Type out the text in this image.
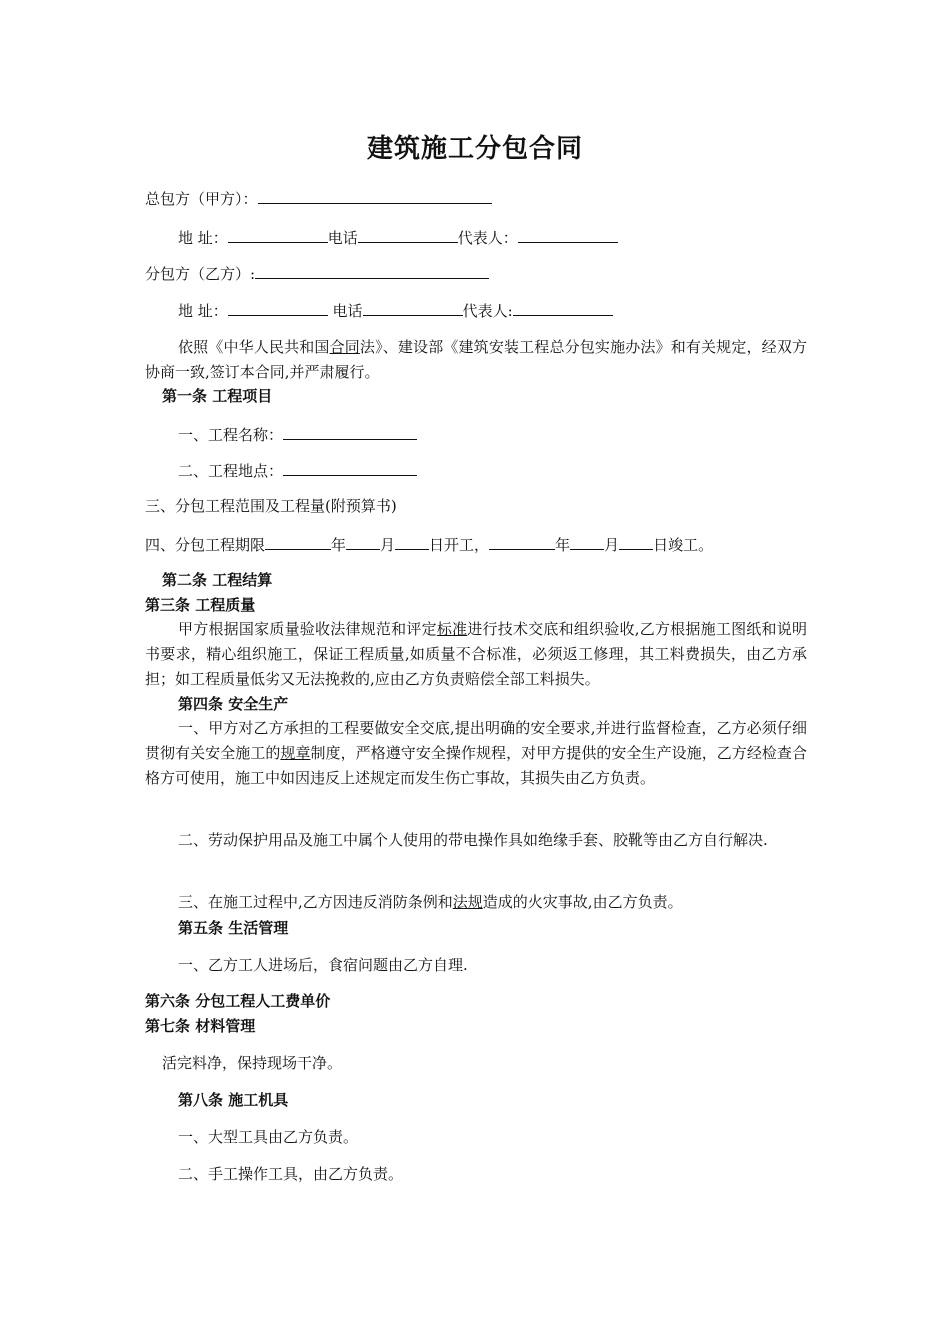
建筑施工分包合同

总包方（甲方）：

地 址：	电话	代表人：

分包方（乙方）:

地 址：	电话	代表人:

依照《中华人民共和国合同法》、建设部《建筑安装工程总分包实施办法》和有关规定，经双方协商一致,签订本合同,并严肃履行。

第一条 工程项目

一、工程名称：

二、工程地点：

三、分包工程范围及工程量(附预算书)

四、分包工程期限	年 月 日开工，	年 月 日竣工。

第二条 工程结算

第三条 工程质量

甲方根据国家质量验收法律规范和评定标准进行技术交底和组织验收,乙方根据施工图纸和说明书要求，精心组织施工，保证工程质量,如质量不合标准，必须返工修理，其工料费损失，由乙方承担；如工程质量低劣又无法挽救的,应由乙方负责赔偿全部工料损失。

第四条 安全生产

一、甲方对乙方承担的工程要做安全交底,提出明确的安全要求,并进行监督检查，乙方必须仔细贯彻有关安全施工的规章制度，严格遵守安全操作规程，对甲方提供的安全生产设施，乙方经检查合格方可使用，施工中如因违反上述规定而发生伤亡事故，其损失由乙方负责。

二、劳动保护用品及施工中属个人使用的带电操作具如绝缘手套、胶靴等由乙方自行解决.

三、在施工过程中,乙方因违反消防条例和法规造成的火灾事故,由乙方负责。

第五条 生活管理

一、乙方工人进场后，食宿问题由乙方自理.

第六条 分包工程人工费单价

第七条 材料管理

活完料净，保持现场干净。

第八条 施工机具

一、大型工具由乙方负责。

二、手工操作工具，由乙方负责。
